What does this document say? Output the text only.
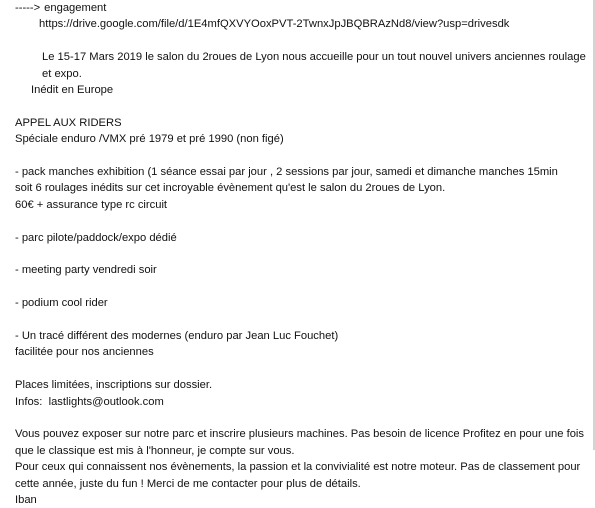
-----> engagement
https://drive.google.com/file/d/1E4mfQXVYOoxPVT-2TwnxJpJBQBRAzNd8/view?usp=drivesdk
Le 15-17 Mars 2019 le salon du 2roues de Lyon nous accueille pour un tout nouvel univers anciennes roulage et expo.
Inédit en Europe
APPEL AUX RIDERS
Spéciale enduro /VMX pré 1979 et pré 1990 (non figé)
- pack manches exhibition (1 séance essai par jour , 2 sessions par jour, samedi et dimanche manches 15min
soit 6 roulages inédits sur cet incroyable évènement qu'est le salon du 2roues de Lyon.
60€ + assurance type rc circuit
- parc pilote/paddock/expo dédié
- meeting party vendredi soir
- podium cool rider
- Un tracé différent des modernes (enduro par Jean Luc Fouchet)
facilitée pour nos anciennes
Places limitées, inscriptions sur dossier.
Infos: lastlights@outlook.com
Vous pouvez exposer sur notre parc et inscrire plusieurs machines. Pas besoin de licence Profitez en pour une fois que le classique est mis à l'honneur, je compte sur vous.
Pour ceux qui connaissent nos évènements, la passion et la convivialité est notre moteur. Pas de classement pour cette année, juste du fun ! Merci de me contacter pour plus de détails.
Iban
